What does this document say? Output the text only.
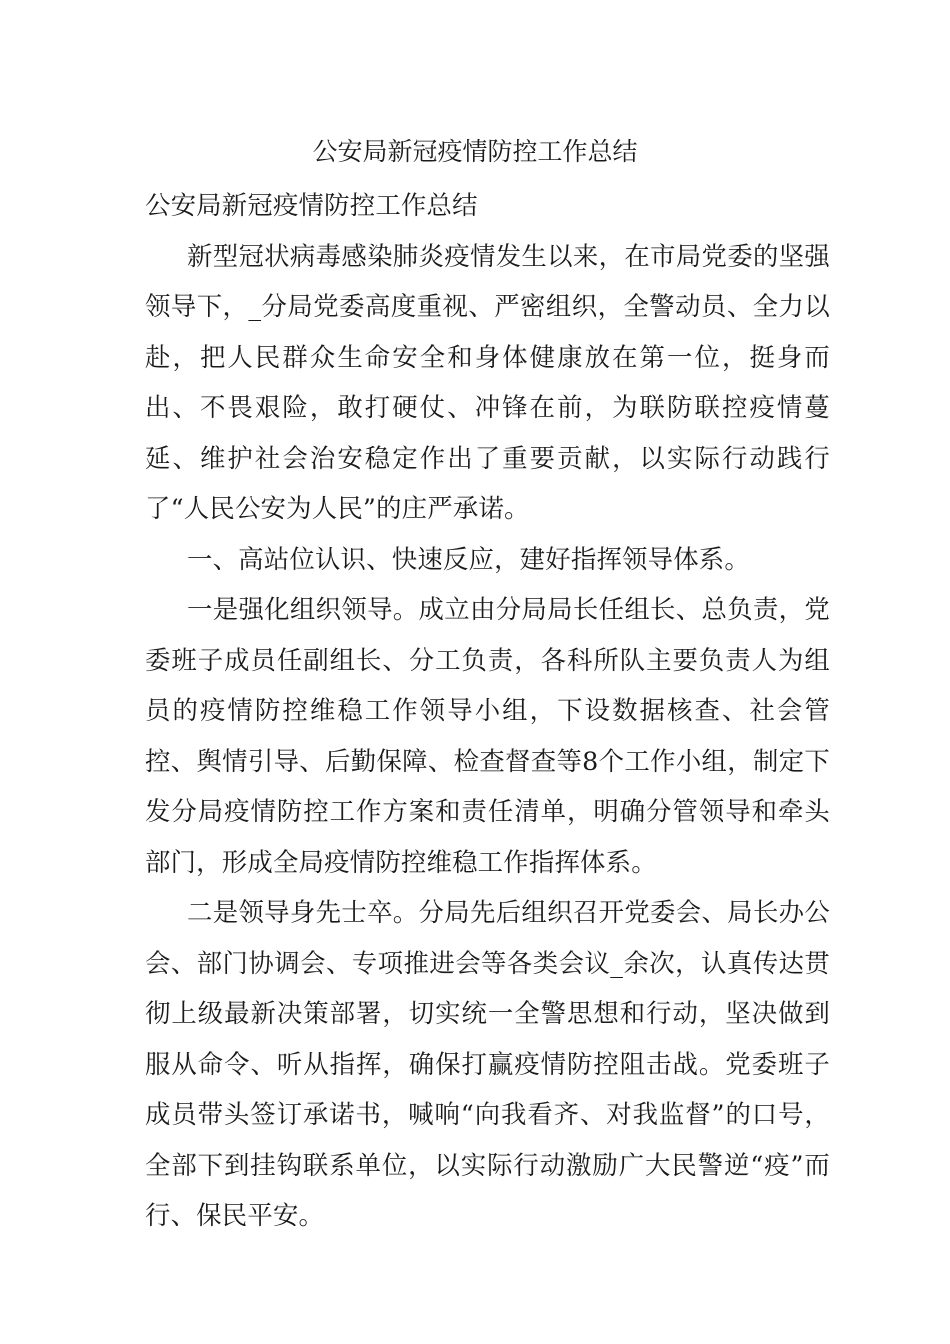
公安局新冠疫情防控工作总结

公安局新冠疫情防控工作总结

新型冠状病毒感染肺炎疫情发生以来，在市局党委的坚强领导下，_分局党委高度重视、严密组织，全警动员、全力以赴，把人民群众生命安全和身体健康放在第一位，挺身而出、不畏艰险，敢打硬仗、冲锋在前，为联防联控疫情蔓延、维护社会治安稳定作出了重要贡献，以实际行动践行了“人民公安为人民”的庄严承诺。

一、高站位认识、快速反应，建好指挥领导体系。

一是强化组织领导。成立由分局局长任组长、总负责，党委班子成员任副组长、分工负责，各科所队主要负责人为组员的疫情防控维稳工作领导小组，下设数据核查、社会管控、舆情引导、后勤保障、检查督查等8个工作小组，制定下发分局疫情防控工作方案和责任清单，明确分管领导和牵头部门，形成全局疫情防控维稳工作指挥体系。

二是领导身先士卒。分局先后组织召开党委会、局长办公会、部门协调会、专项推进会等各类会议_余次，认真传达贯彻上级最新决策部署，切实统一全警思想和行动，坚决做到服从命令、听从指挥，确保打赢疫情防控阻击战。党委班子成员带头签订承诺书，喊响“向我看齐、对我监督”的口号，全部下到挂钩联系单位，以实际行动激励广大民警逆“疫”而行、保民平安。
